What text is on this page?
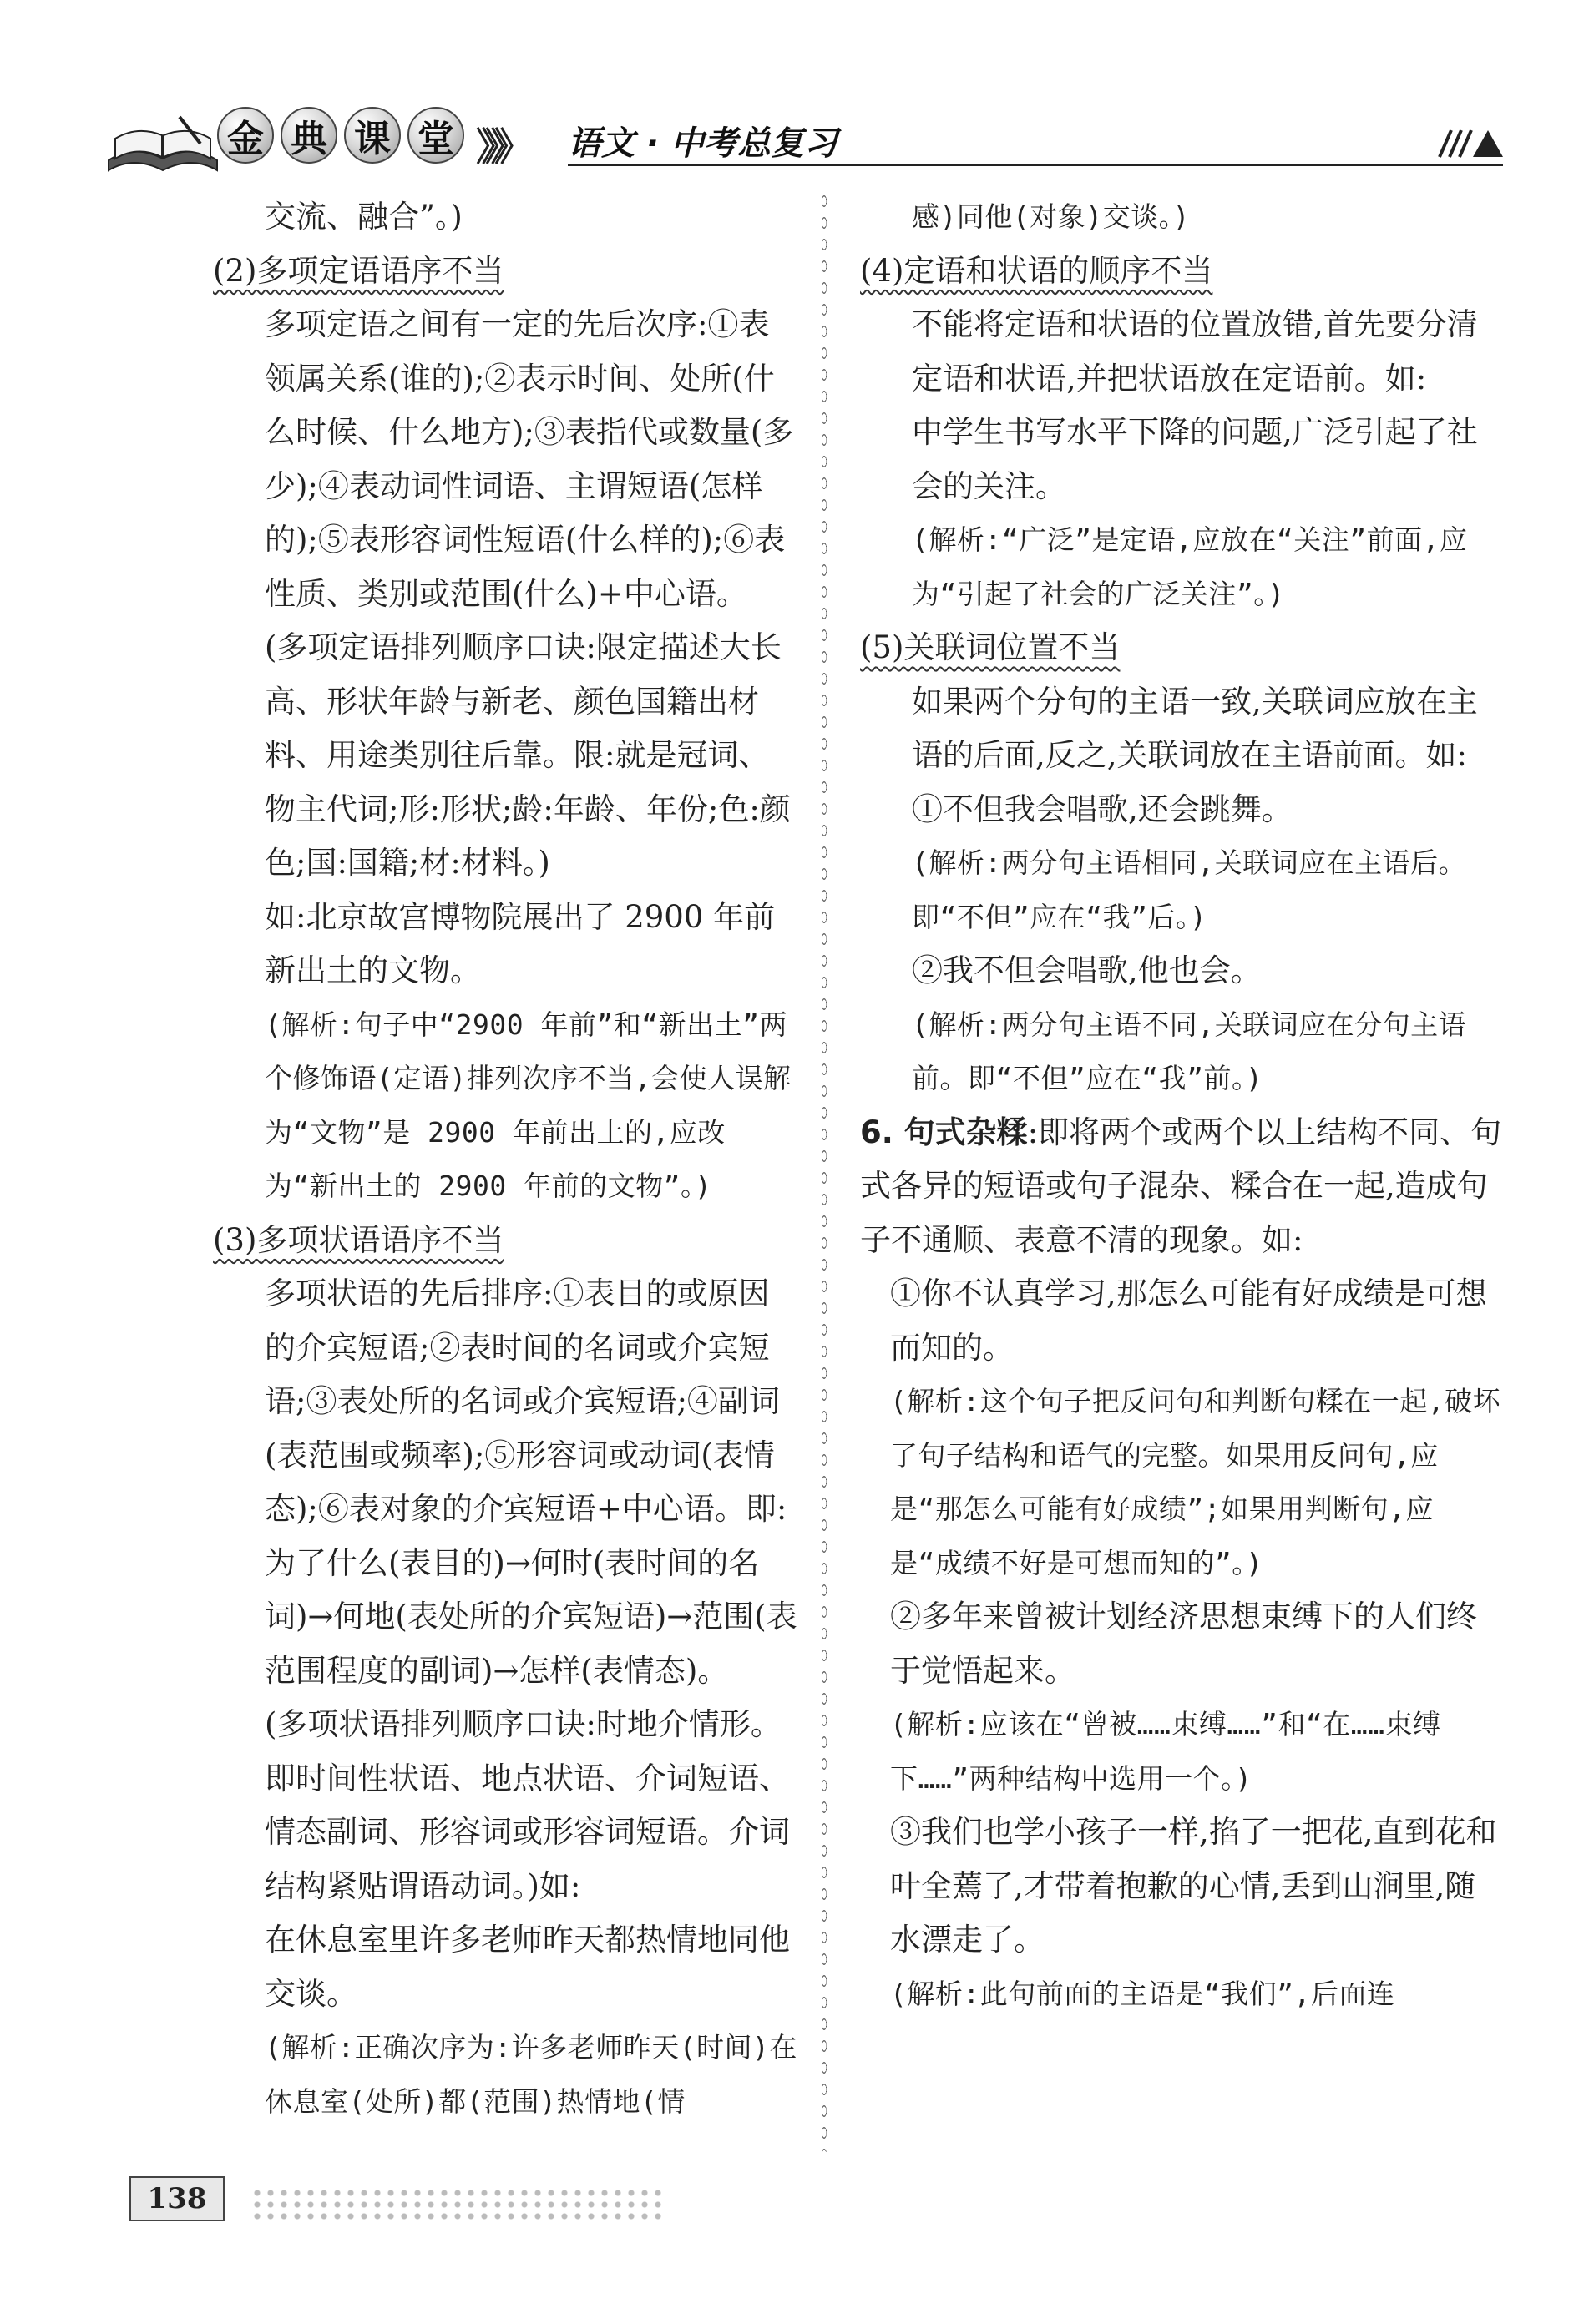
金 典 课 堂 》》》 语文 · 中考总复习

交流、融合”。)

(2)多项定语语序不当

多项定语之间有一定的先后次序:①表领属关系(谁的);②表示时间、处所(什么时候、什么地方);③表指代或数量(多少);④表动词性词语、主谓短语(怎样的);⑤表形容词性短语(什么样的);⑥表性质、类别或范围(什么)+中心语。

(多项定语排列顺序口诀:限定描述大长高、形状年龄与新老、颜色国籍出材料、用途类别往后靠。限:就是冠词、物主代词;形:形状;龄:年龄、年份;色:颜色;国:国籍;材:材料。)

如:北京故宫博物院展出了 2900 年前新出土的文物。

(解析:句子中“2900 年前”和“新出土”两个修饰语(定语)排列次序不当,会使人误解为“文物”是 2900 年前出土的,应改为“新出土的 2900 年前的文物”。)

(3)多项状语语序不当

多项状语的先后排序:①表目的或原因的介宾短语;②表时间的名词或介宾短语;③表处所的名词或介宾短语;④副词(表范围或频率);⑤形容词或动词(表情态);⑥表对象的介宾短语+中心语。即:为了什么(表目的)→何时(表时间的名词)→何地(表处所的介宾短语)→范围(表范围程度的副词)→怎样(表情态)。

(多项状语排列顺序口诀:时地介情形。即时间性状语、地点状语、介词短语、情态副词、形容词或形容词短语。介词结构紧贴谓语动词。)如:

在休息室里许多老师昨天都热情地同他交谈。

(解析:正确次序为:许多老师昨天(时间)在休息室(处所)都(范围)热情地(情

感)同他(对象)交谈。)

(4)定语和状语的顺序不当

不能将定语和状语的位置放错,首先要分清定语和状语,并把状语放在定语前。如:

中学生书写水平下降的问题,广泛引起了社会的关注。

(解析:“广泛”是定语,应放在“关注”前面,应为“引起了社会的广泛关注”。)

(5)关联词位置不当

如果两个分句的主语一致,关联词应放在主语的后面,反之,关联词放在主语前面。如:

①不但我会唱歌,还会跳舞。

(解析:两分句主语相同,关联词应在主语后。即“不但”应在“我”后。)

②我不但会唱歌,他也会。

(解析:两分句主语不同,关联词应在分句主语前。即“不但”应在“我”前。)

6. 句式杂糅:即将两个或两个以上结构不同、句式各异的短语或句子混杂、糅合在一起,造成句子不通顺、表意不清的现象。如:

①你不认真学习,那怎么可能有好成绩是可想而知的。

(解析:这个句子把反问句和判断句糅在一起,破坏了句子结构和语气的完整。如果用反问句,应是“那怎么可能有好成绩”;如果用判断句,应是“成绩不好是可想而知的”。)

②多年来曾被计划经济思想束缚下的人们终于觉悟起来。

(解析:应该在“曾被……束缚……”和“在……束缚下……”两种结构中选用一个。)

③我们也学小孩子一样,掐了一把花,直到花和叶全蔫了,才带着抱歉的心情,丢到山涧里,随水漂走了。

(解析:此句前面的主语是“我们”,后面连

138
